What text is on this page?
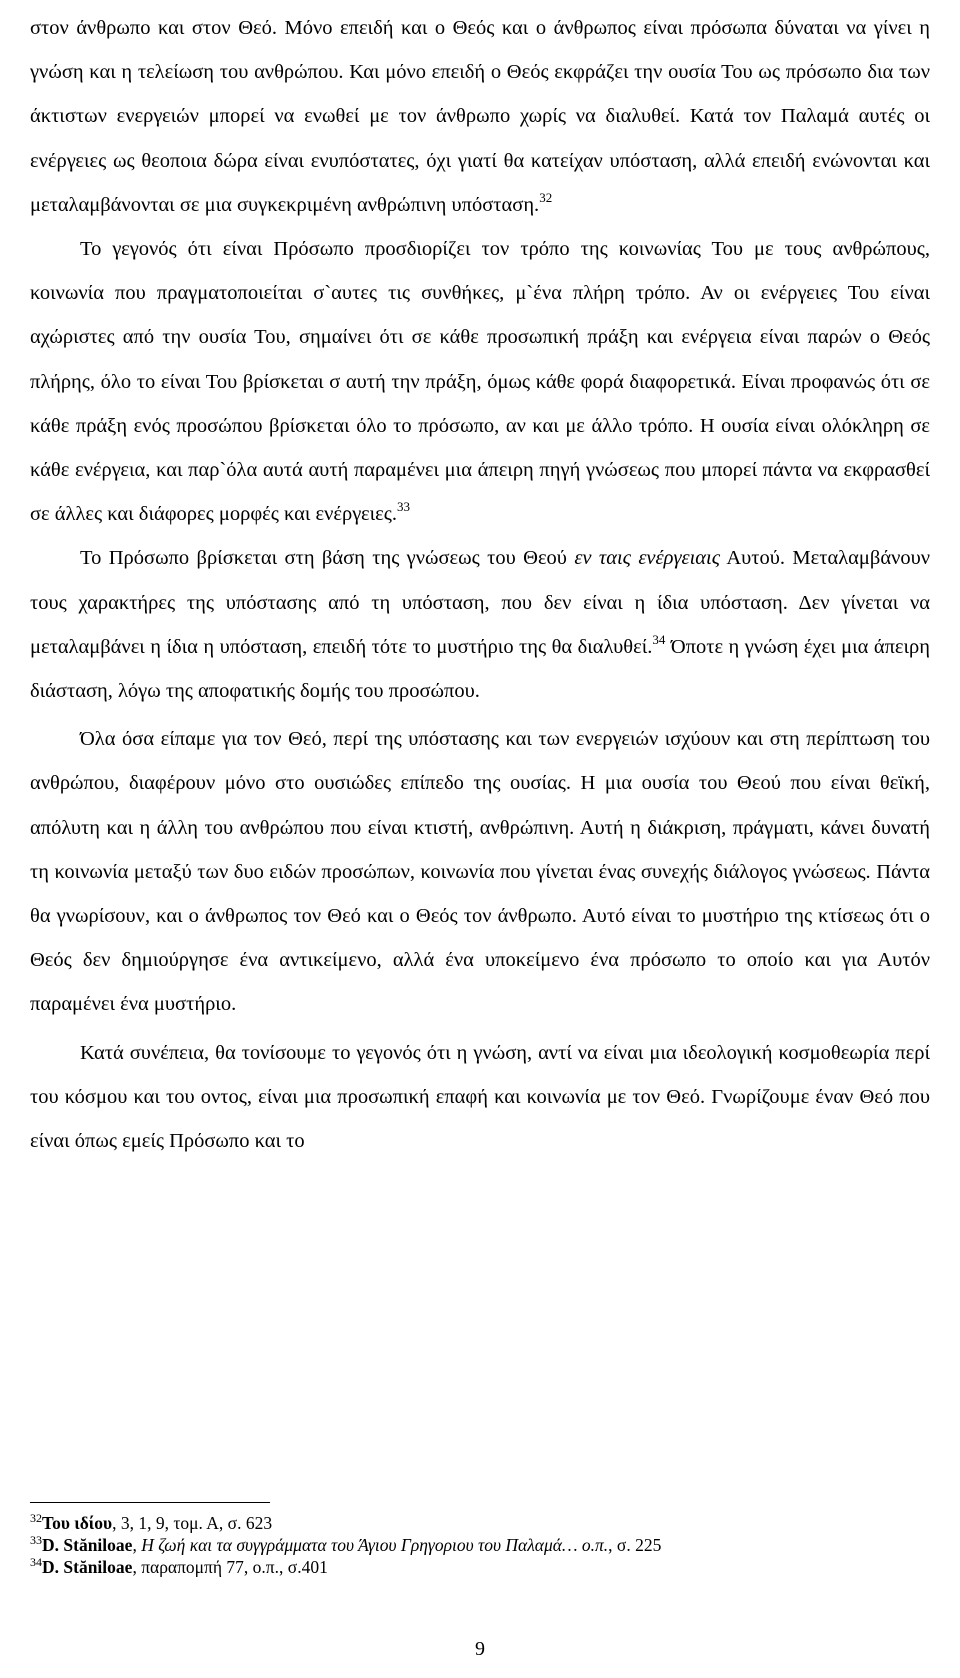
στον άνθρωπο και στον Θεό. Μόνο επειδή και ο Θεός και ο άνθρωπος είναι πρόσωπα δύναται να γίνει η γνώση και η τελείωση του ανθρώπου. Και μόνο επειδή ο Θεός εκφράζει την ουσία Του ως πρόσωπο δια των άκτιστων ενεργειών μπορεί να ενωθεί με τον άνθρωπο χωρίς να διαλυθεί. Κατά τον Παλαμά αυτές οι ενέργειες ως θεοποια δώρα είναι ενυπόστατες, όχι γιατί θα κατείχαν υπόσταση, αλλά επειδή ενώνονται και μεταλαμβάνονται σε μια συγκεκριμένη ανθρώπινη υπόσταση.$^{32}$

Το γεγονός ότι είναι Πρόσωπο προσδιορίζει τον τρόπο της κοινωνίας Του με τους ανθρώπους, κοινωνία που πραγματοποιείται σ`αυτες τις συνθήκες, μ`ένα πλήρη τρόπο. Αν οι ενέργειες Του είναι αχώριστες από την ουσία Του, σημαίνει ότι σε κάθε προσωπική πράξη και ενέργεια είναι παρών ο Θεός πλήρης, όλο το είναι Του βρίσκεται σ αυτή την πράξη, όμως κάθε φορά διαφορετικά. Είναι προφανώς ότι σε κάθε πράξη ενός προσώπου βρίσκεται όλο το πρόσωπο, αν και με άλλο τρόπο. Η ουσία είναι ολόκληρη σε κάθε ενέργεια, και παρ`όλα αυτά αυτή παραμένει μια άπειρη πηγή γνώσεως που μπορεί πάντα να εκφρασθεί σε άλλες και διάφορες μορφές και ενέργειες.$^{33}$

Το Πρόσωπο βρίσκεται στη βάση της γνώσεως του Θεού εν ταις ενέργειαις Αυτού. Μεταλαμβάνουν τους χαρακτήρες της υπόστασης από τη υπόσταση, που δεν είναι η ίδια υπόσταση. Δεν γίνεται να μεταλαμβάνει η ίδια η υπόσταση, επειδή τότε το μυστήριο της θα διαλυθεί.$^{34}$ Όποτε η γνώση έχει μια άπειρη διάσταση, λόγω της αποφατικής δομής του προσώπου.

Όλα όσα είπαμε για τον Θεό, περί της υπόστασης και των ενεργειών ισχύουν και στη περίπτωση του ανθρώπου, διαφέρουν μόνο στο ουσιώδες επίπεδο της ουσίας. Η μια ουσία του Θεού που είναι θεϊκή, απόλυτη και η άλλη του ανθρώπου που είναι κτιστή, ανθρώπινη. Αυτή η διάκριση, πράγματι, κάνει δυνατή τη κοινωνία μεταξύ των δυο ειδών προσώπων, κοινωνία που γίνεται ένας συνεχής διάλογος γνώσεως. Πάντα θα γνωρίσουν, και ο άνθρωπος τον Θεό και ο Θεός τον άνθρωπο. Αυτό είναι το μυστήριο της κτίσεως ότι ο Θεός δεν δημιούργησε ένα αντικείμενο, αλλά ένα υποκείμενο ένα πρόσωπο το οποίο και για Αυτόν παραμένει ένα μυστήριο.

Κατά συνέπεια, θα τονίσουμε το γεγονός ότι η γνώση, αντί να είναι μια ιδεολογική κοσμοθεωρία περί του κόσμου και του οντος, είναι μια προσωπική επαφή και κοινωνία με τον Θεό. Γνωρίζουμε έναν Θεό που είναι όπως εμείς Πρόσωπο και το

$^{32}$Του ιδίου, 3, 1, 9, τομ. Α, σ. 623
$^{33}$D. Stăniloae, Η ζωή και τα συγγράμματα του Άγιου Γρηγοριου του Παλαμά… ο.π., σ. 225
$^{34}$D. Stăniloae, παραπομπή 77, ο.π., σ.401
9
